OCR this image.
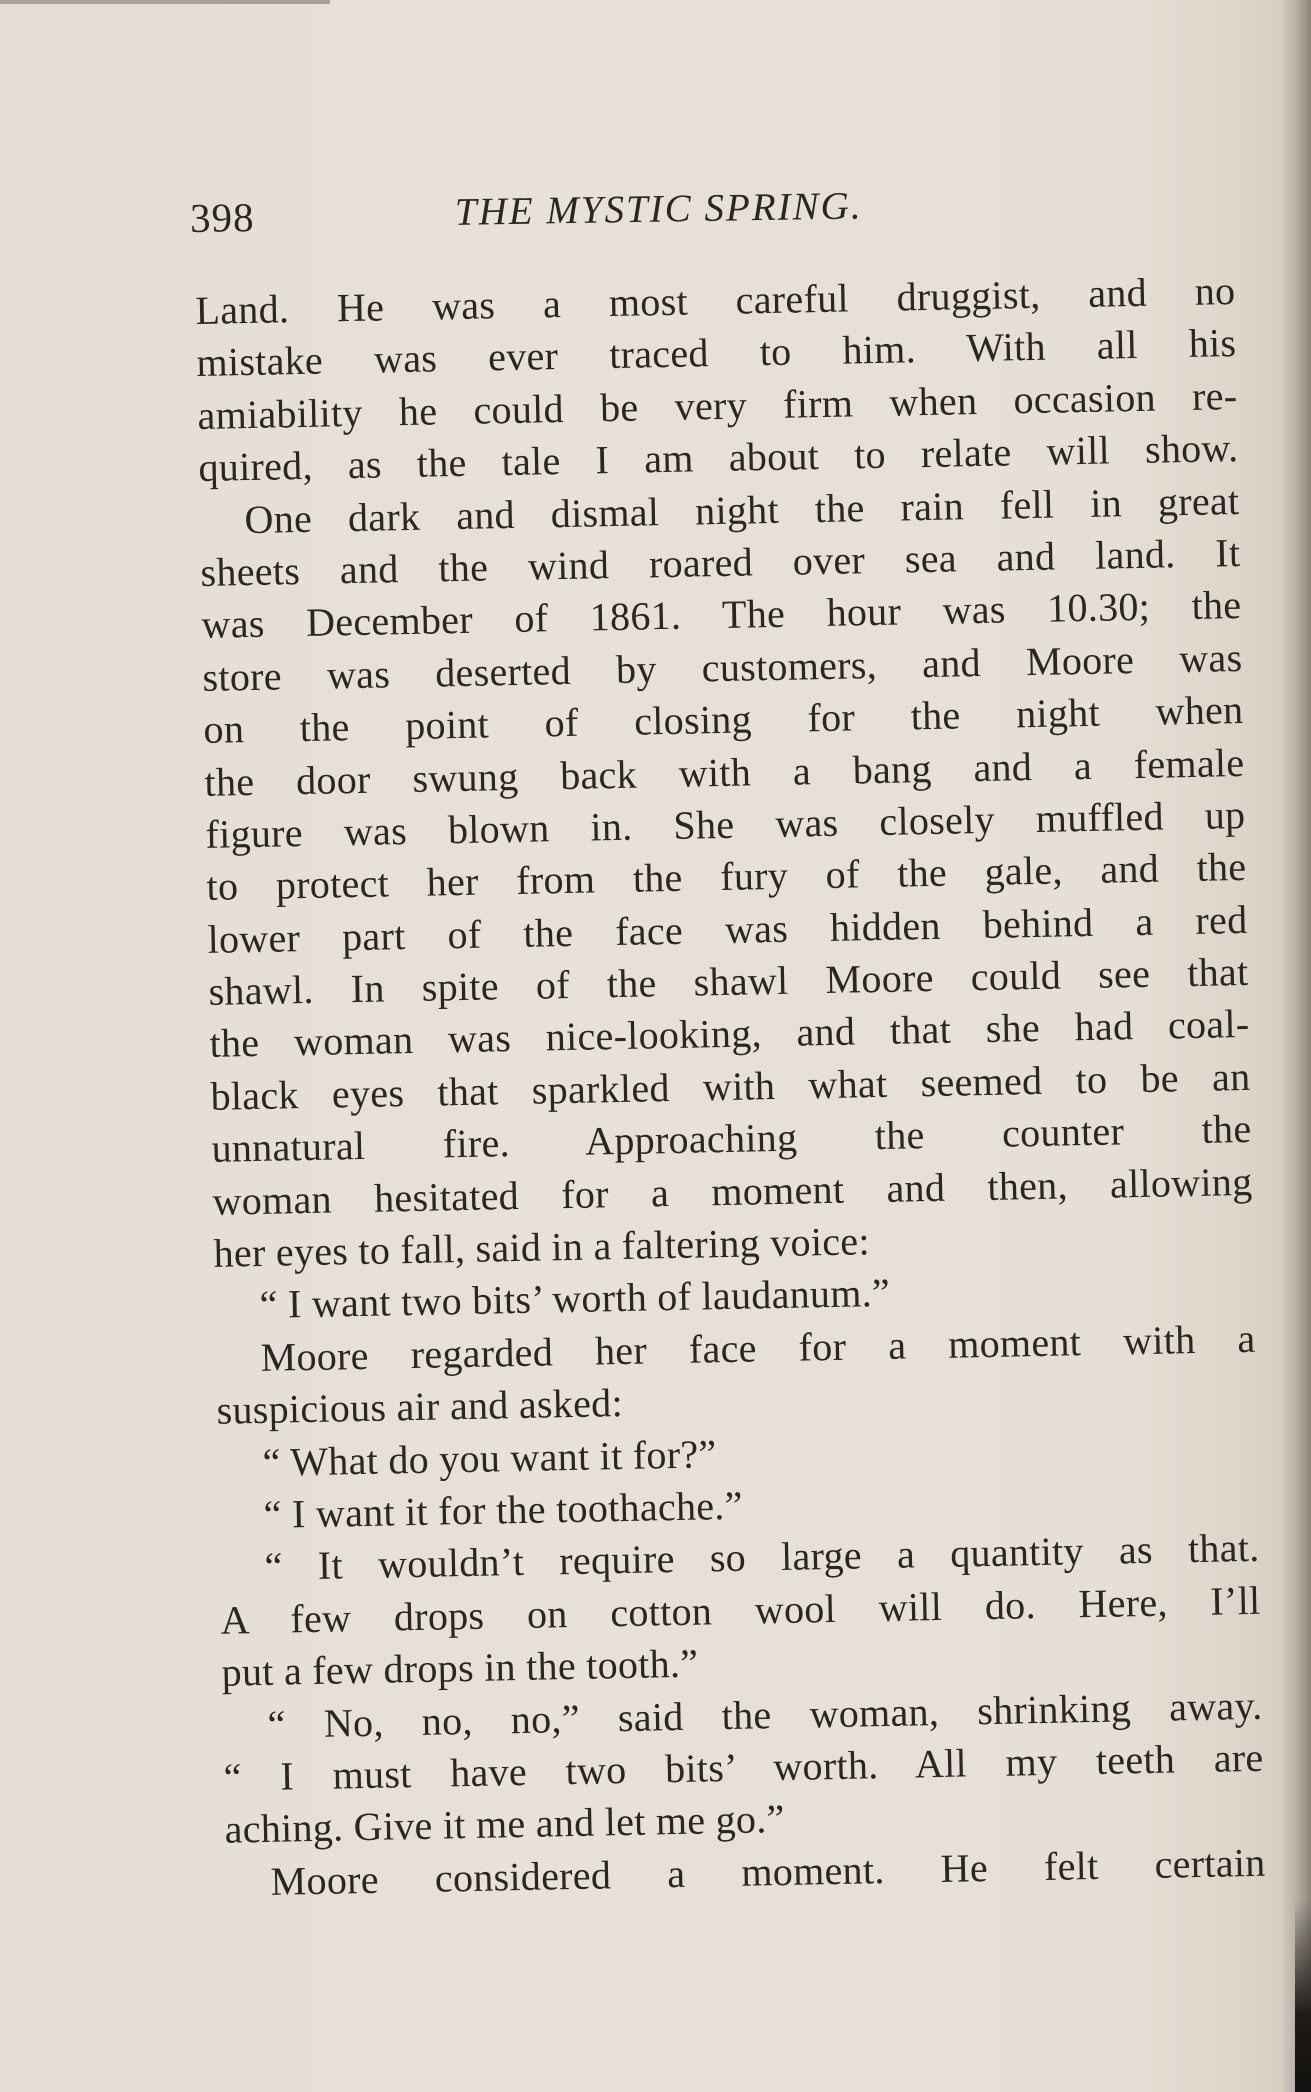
398	THE MYSTIC SPRING.
Land. He was a most careful druggist, and no
mistake was ever traced to him. With all his
amiability he could be very firm when occasion re-
quired, as the tale I am about to relate will show.
One dark and dismal night the rain fell in great
sheets and the wind roared over sea and land. It
was December of 1861. The hour was 10.30; the
store was deserted by customers, and Moore was
on the point of closing for the night when
the door swung back with a bang and a female
figure was blown in. She was closely muffled up
to protect her from the fury of the gale, and the
lower part of the face was hidden behind a red
shawl. In spite of the shawl Moore could see that
the woman was nice-looking, and that she had coal-
black eyes that sparkled with what seemed to be an
unnatural fire. Approaching the counter the
woman hesitated for a moment and then, allowing
her eyes to fall, said in a faltering voice:
“ I want two bits’ worth of laudanum.”
Moore regarded her face for a moment with a
suspicious air and asked:
“ What do you want it for?”
“ I want it for the toothache.”
“ It wouldn’t require so large a quantity as that.
A few drops on cotton wool will do. Here, I’ll
put a few drops in the tooth.”
“ No, no, no,” said the woman, shrinking away.
“ I must have two bits’ worth. All my teeth are
aching. Give it me and let me go.”
Moore considered a moment. He felt certain
